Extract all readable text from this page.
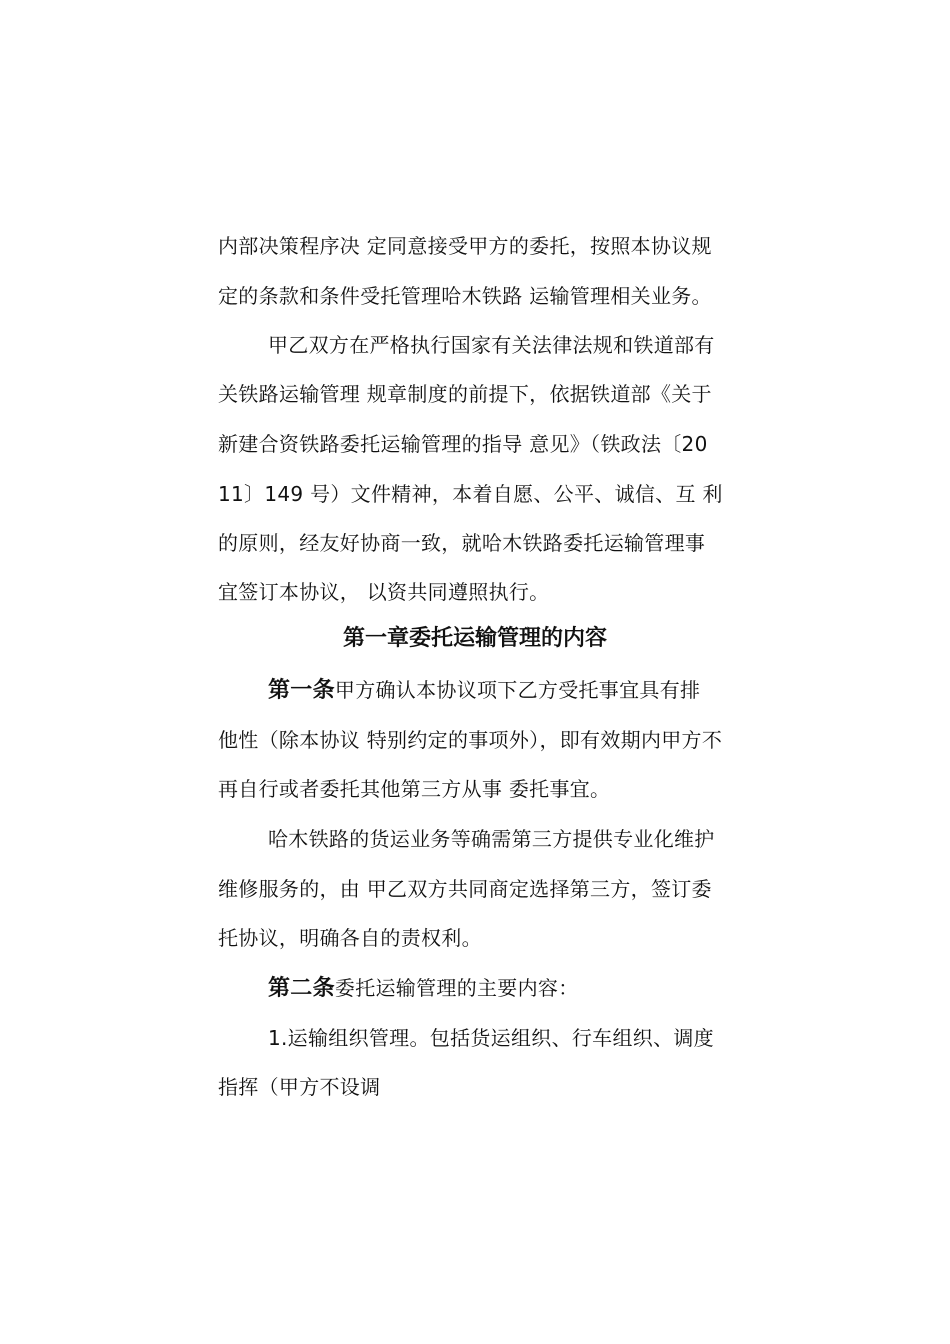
内部决策程序决 定同意接受甲方的委托，按照本协议规
定的条款和条件受托管理哈木铁路 运输管理相关业务。
甲乙双方在严格执行国家有关法律法规和铁道部有
关铁路运输管理 规章制度的前提下，依据铁道部《关于
新建合资铁路委托运输管理的指导 意见》（铁政法〔20
11〕149 号）文件精神，本着自愿、公平、诚信、互 利
的原则，经友好协商一致，就哈木铁路委托运输管理事
宜签订本协议， 以资共同遵照执行。
第一章委托运输管理的内容
第一条甲方确认本协议项下乙方受托事宜具有排
他性（除本协议 特别约定的事项外），即有效期内甲方不
再自行或者委托其他第三方从事 委托事宜。
哈木铁路的货运业务等确需第三方提供专业化维护
维修服务的，由 甲乙双方共同商定选择第三方，签订委
托协议，明确各自的责权利。
第二条委托运输管理的主要内容：
1.运输组织管理。包括货运组织、行车组织、调度
指挥（甲方不设调
